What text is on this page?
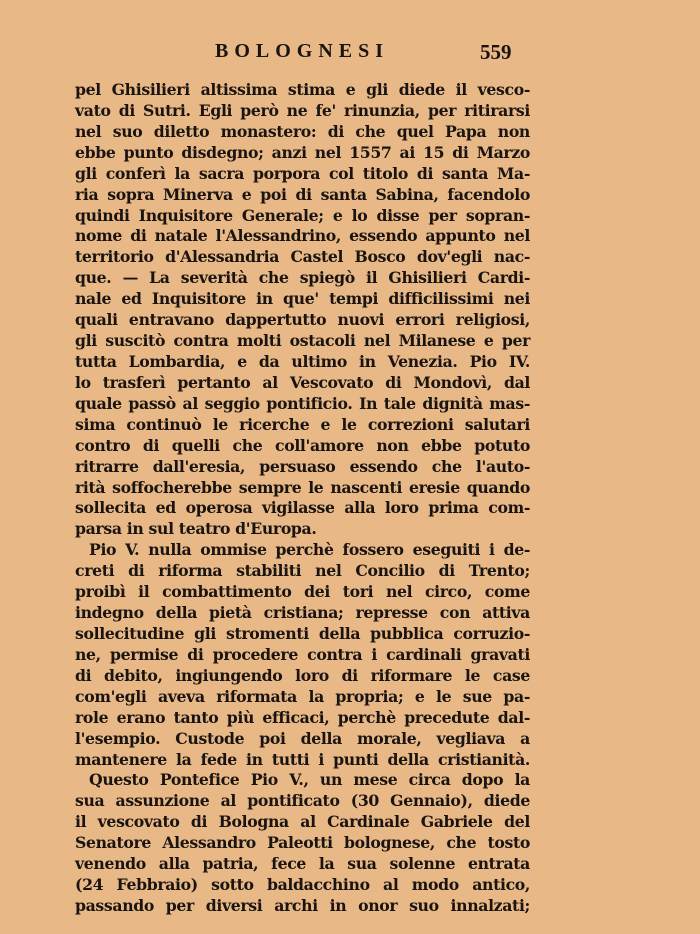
BOLOGNESI	559
pel Ghisilieri altissima stima e gli diede il vesco-
vato di Sutri. Egli però ne fe' rinunzia, per ritirarsi
nel suo diletto monastero: di che quel Papa non
ebbe punto disdegno; anzi nel 1557 ai 15 di Marzo
gli conferì la sacra porpora col titolo di santa Ma-
ria sopra Minerva e poi di santa Sabina, facendolo
quindi Inquisitore Generale; e lo disse per sopran-
nome di natale l'Alessandrino, essendo appunto nel
territorio d'Alessandria Castel Bosco dov'egli nac-
que. — La severità che spiegò il Ghisilieri Cardi-
nale ed Inquisitore in que' tempi difficilissimi nei
quali entravano dappertutto nuovi errori religiosi,
gli suscitò contra molti ostacoli nel Milanese e per
tutta Lombardia, e da ultimo in Venezia. Pio IV.
lo trasferì pertanto al Vescovato di Mondovì, dal
quale passò al seggio pontificio. In tale dignità mas-
sima continuò le ricerche e le correzioni salutari
contro di quelli che coll'amore non ebbe potuto
ritrarre dall'eresia, persuaso essendo che l'auto-
rità soffocherebbe sempre le nascenti eresie quando
sollecita ed operosa vigilasse alla loro prima com-
parsa in sul teatro d'Europa.
Pio V. nulla ommise perchè fossero eseguiti i de-
creti di riforma stabiliti nel Concilio di Trento;
proibì il combattimento dei tori nel circo, come
indegno della pietà cristiana; represse con attiva
sollecitudine gli stromenti della pubblica corruzio-
ne, permise di procedere contra i cardinali gravati
di debito, ingiungendo loro di riformare le case
com'egli aveva riformata la propria; e le sue pa-
role erano tanto più efficaci, perchè precedute dal-
l'esempio. Custode poi della morale, vegliava a
mantenere la fede in tutti i punti della cristianità.
Questo Pontefice Pio V., un mese circa dopo la
sua assunzione al pontificato (30 Gennaio), diede
il vescovato di Bologna al Cardinale Gabriele del
Senatore Alessandro Paleotti bolognese, che tosto
venendo alla patria, fece la sua solenne entrata
(24 Febbraio) sotto baldacchino al modo antico,
passando per diversi archi in onor suo innalzati;
